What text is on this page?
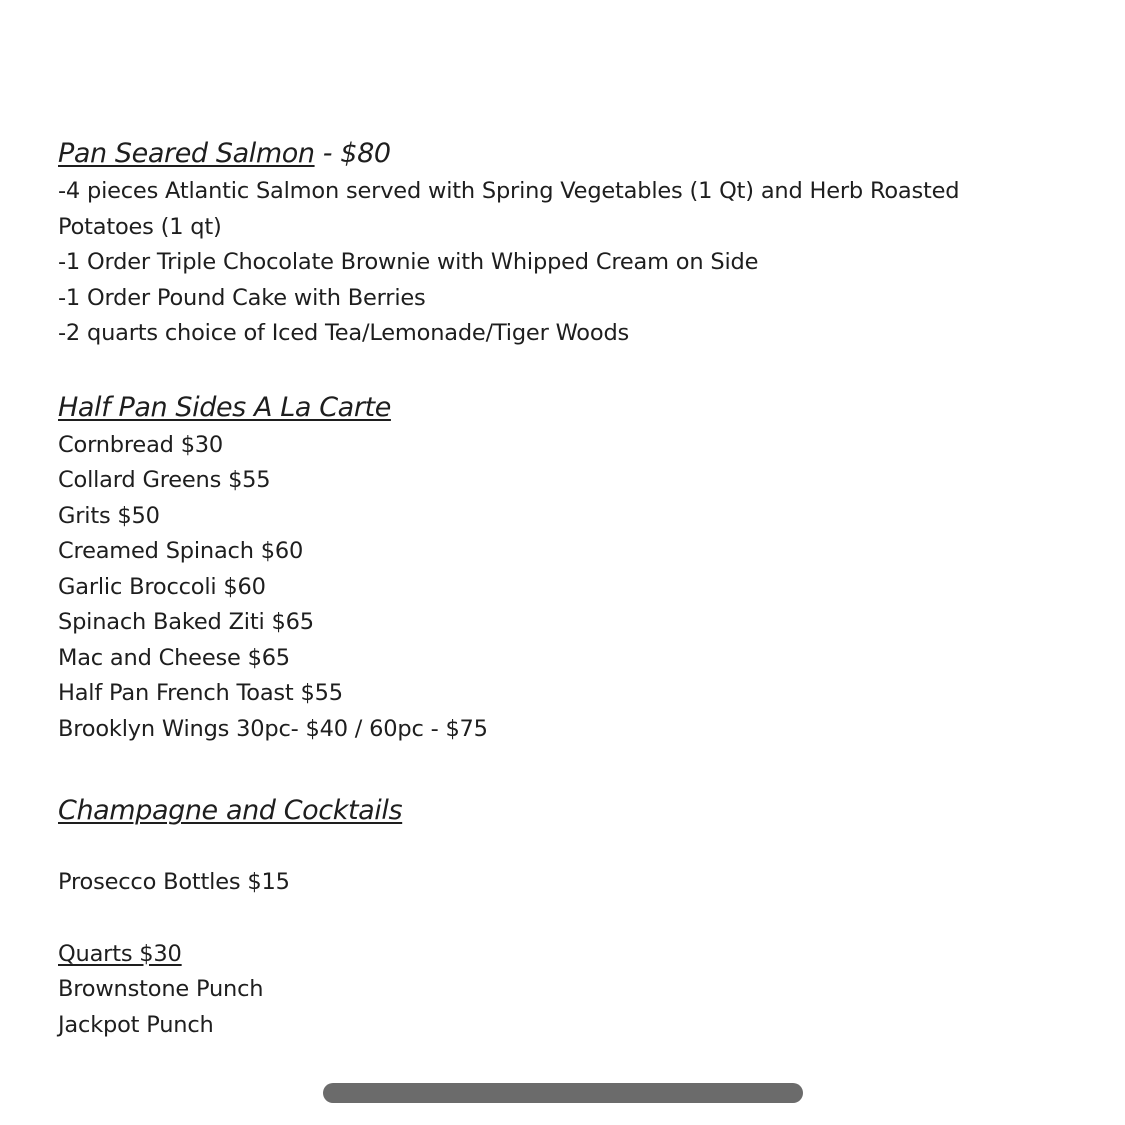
Pan Seared Salmon - $80

-4 pieces Atlantic Salmon served with Spring Vegetables (1 Qt) and Herb Roasted Potatoes (1 qt)

-1 Order Triple Chocolate Brownie with Whipped Cream on Side

-1 Order Pound Cake with Berries

-2 quarts choice of Iced Tea/Lemonade/Tiger Woods

Half Pan Sides A La Carte

Cornbread $30

Collard Greens $55

Grits $50

Creamed Spinach $60

Garlic Broccoli $60

Spinach Baked Ziti $65

Mac and Cheese $65

Half Pan French Toast $55

Brooklyn Wings 30pc- $40 / 60pc - $75

Champagne and Cocktails

Prosecco Bottles $15

Quarts $30

Brownstone Punch

Jackpot Punch
